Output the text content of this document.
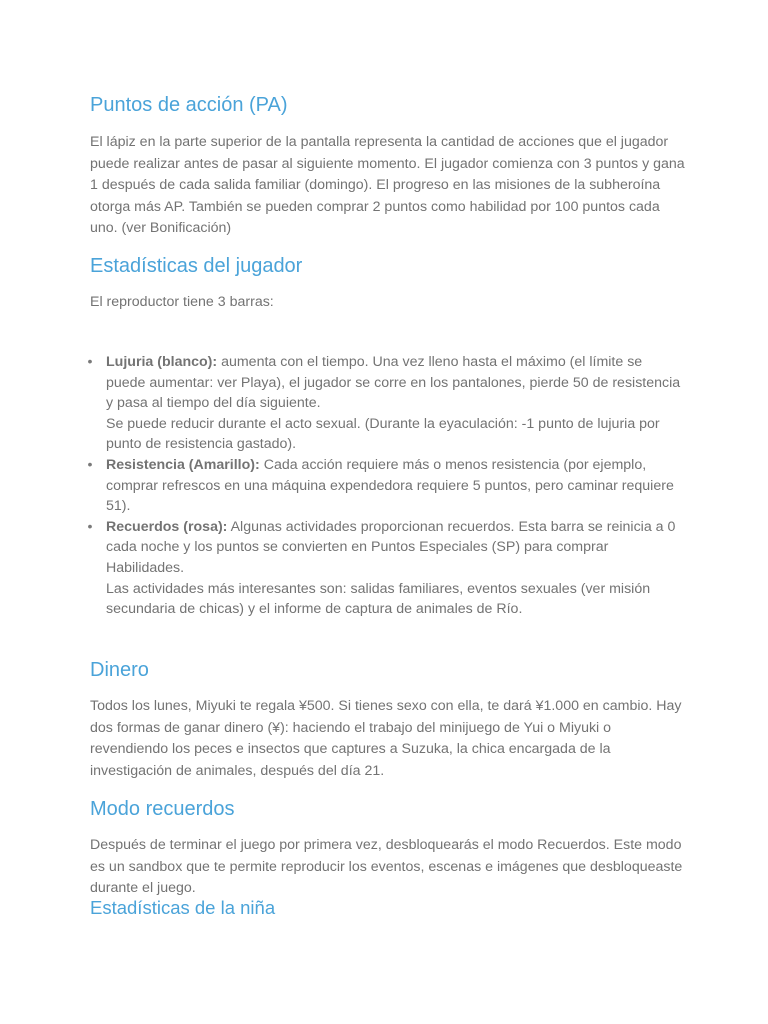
Puntos de acción (PA)

El lápiz en la parte superior de la pantalla representa la cantidad de acciones que el jugador puede realizar antes de pasar al siguiente momento. El jugador comienza con 3 puntos y gana 1 después de cada salida familiar (domingo). El progreso en las misiones de la subheroína otorga más AP. También se pueden comprar 2 puntos como habilidad por 100 puntos cada uno. (ver Bonificación)

Estadísticas del jugador

El reproductor tiene 3 barras:

• Lujuria (blanco): aumenta con el tiempo. Una vez lleno hasta el máximo (el límite se puede aumentar: ver Playa), el jugador se corre en los pantalones, pierde 50 de resistencia y pasa al tiempo del día siguiente.
Se puede reducir durante el acto sexual. (Durante la eyaculación: -1 punto de lujuria por punto de resistencia gastado).
• Resistencia (Amarillo): Cada acción requiere más o menos resistencia (por ejemplo, comprar refrescos en una máquina expendedora requiere 5 puntos, pero caminar requiere 51).
• Recuerdos (rosa): Algunas actividades proporcionan recuerdos. Esta barra se reinicia a 0 cada noche y los puntos se convierten en Puntos Especiales (SP) para comprar Habilidades.
Las actividades más interesantes son: salidas familiares, eventos sexuales (ver misión secundaria de chicas) y el informe de captura de animales de Río.
Dinero

Todos los lunes, Miyuki te regala ¥500. Si tienes sexo con ella, te dará ¥1.000 en cambio. Hay dos formas de ganar dinero (¥): haciendo el trabajo del minijuego de Yui o Miyuki o revendiendo los peces e insectos que captures a Suzuka, la chica encargada de la investigación de animales, después del día 21.

Modo recuerdos

Después de terminar el juego por primera vez, desbloquearás el modo Recuerdos. Este modo es un sandbox que te permite reproducir los eventos, escenas e imágenes que desbloqueaste durante el juego.

Estadísticas de la niña
